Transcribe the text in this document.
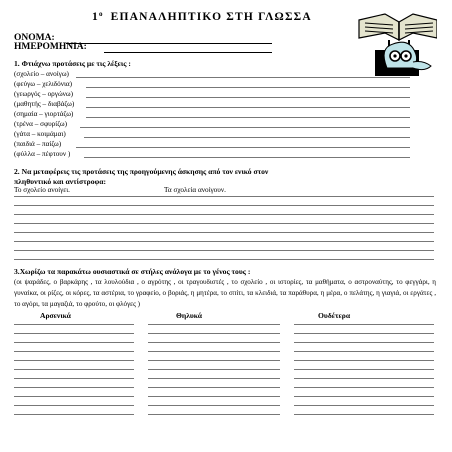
$1^o$ ΕΠΑΝΑΛΗΠΤΙΚΟ ΣΤΗ ΓΛΩΣΣΑ
ΟΝΟΜΑ:
ΗΜΕΡΟΜΗΝΙΑ:
1. Φτιάχνω προτάσεις με τις λέξεις :
(σχολείο – ανοίγω)
(φεύγω – χελιδόνια)
(γεωργός – οργώνω)
(μαθητής – διαβάζω)
(σημαία – γιορτάζω)
(τρένα – σφυρίζω)
(γάτα – κοιμάμαι)
(παιδιά – παίζω)
(φύλλα – πέφτουν )
2. Να μεταφέρεις τις προτάσεις της προηγούμενης άσκησης από τον ενικό στον
πληθυντικό και αντίστροφα:
Το σχολείο ανοίγει.	Τα σχολεία ανοίγουν.
3.Χωρίζω τα παρακάτω ουσιαστικά σε στήλες ανάλογα με το γένος τους :
(οι ψαράδες, ο βαρκάρης , τα λουλούδια , ο αγρότης , οι τραγουδιστές , το σχολείο , οι ιστορίες, τα μαθήματα, ο αστροναύτης, το φεγγάρι, η γυναίκα, οι ρίζες, οι κόρες, τα αστέρια, το γραφείο, ο βοριάς, η μητέρα, το σπίτι, τα κλειδιά, τα παράθυρα, η μέρα, ο πελάτης, η γιαγιά, οι εργάτες , το αγόρι, τα μαγαζιά, το φρούτο, οι φλόγες )
Αρσενικά	Θηλυκά	Ουδέτερα
